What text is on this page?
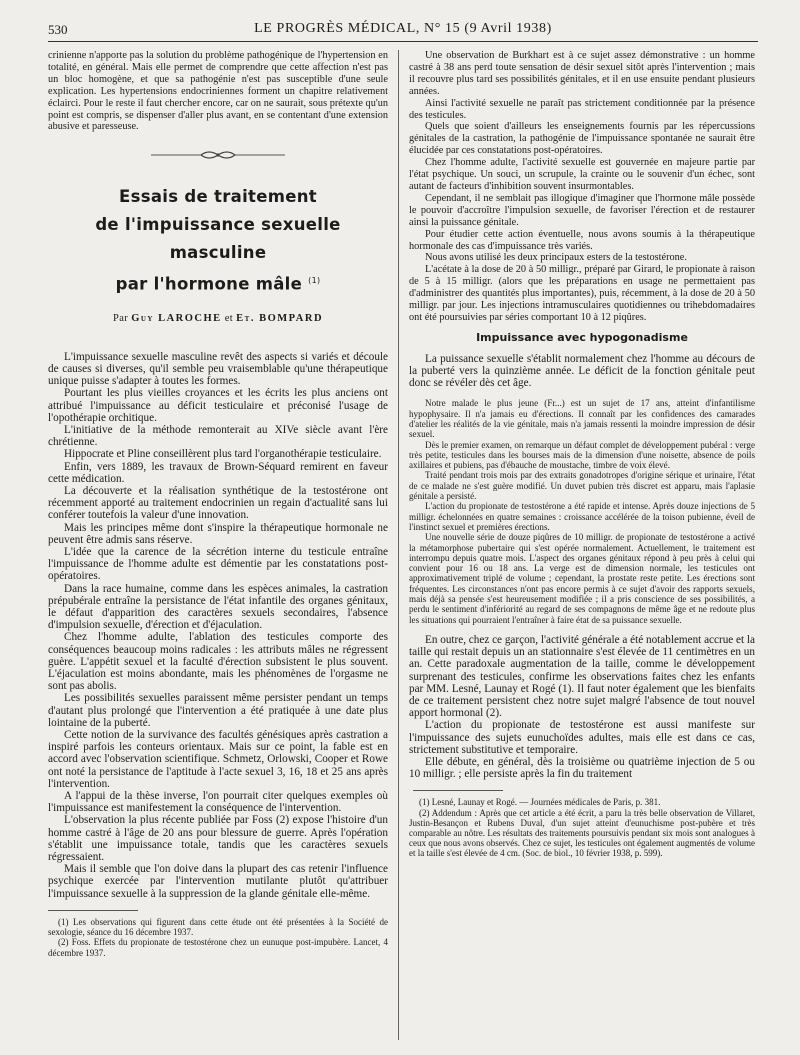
530	LE PROGRÈS MÉDICAL, N° 15 (9 Avril 1938)

crinienne n'apporte pas la solution du problème pathogénique de l'hypertension en totalité, en général. Mais elle permet de comprendre que cette affection n'est pas un bloc homogène, et que sa pathogénie n'est pas susceptible d'une seule explication. Les hypertensions endocriniennes forment un chapitre relativement éclairci. Pour le reste il faut chercher encore, car on ne saurait, sous prétexte qu'un point est compris, se dispenser d'aller plus avant, en se contentant d'une extension abusive et paresseuse.

Essais de traitement
de l'impuissance sexuelle masculine
par l'hormone mâle $^{(1)}$
Par Guy LAROCHE et Et. BOMPARD

L'impuissance sexuelle masculine revêt des aspects si variés et découle de causes si diverses, qu'il semble peu vraisemblable qu'une thérapeutique unique puisse s'adapter à toutes les formes.

Pourtant les plus vieilles croyances et les écrits les plus anciens ont attribué l'impuissance au déficit testiculaire et préconisé l'usage de l'opothérapie orchitique.

L'initiative de la méthode remonterait au XIVe siècle avant l'ère chrétienne.

Hippocrate et Pline conseillèrent plus tard l'organothérapie testiculaire.

Enfin, vers 1889, les travaux de Brown-Séquard remirent en faveur cette médication.

La découverte et la réalisation synthétique de la testostérone ont récemment apporté au traitement endocrinien un regain d'actualité sans lui conférer toutefois la valeur d'une innovation.

Mais les principes même dont s'inspire la thérapeutique hormonale ne peuvent être admis sans réserve.

L'idée que la carence de la sécrétion interne du testicule entraîne l'impuissance de l'homme adulte est démentie par les constatations post-opératoires.

Dans la race humaine, comme dans les espèces animales, la castration prépubérale entraîne la persistance de l'état infantile des organes génitaux, le défaut d'apparition des caractères sexuels secondaires, l'absence d'impulsion sexuelle, d'érection et d'éjaculation.

Chez l'homme adulte, l'ablation des testicules comporte des conséquences beaucoup moins radicales : les attributs mâles ne régressent guère. L'appétit sexuel et la faculté d'érection subsistent le plus souvent. L'éjaculation est moins abondante, mais les phénomènes de l'orgasme ne sont pas abolis.

Les possibilités sexuelles paraissent même persister pendant un temps d'autant plus prolongé que l'intervention a été pratiquée à une date plus lointaine de la puberté.

Cette notion de la survivance des facultés génésiques après castration a inspiré parfois les conteurs orientaux. Mais sur ce point, la fable est en accord avec l'observation scientifique. Schmetz, Orlowski, Cooper et Rowe ont noté la persistance de l'aptitude à l'acte sexuel 3, 16, 18 et 25 ans après l'intervention.

A l'appui de la thèse inverse, l'on pourrait citer quelques exemples où l'impuissance est manifestement la conséquence de l'intervention.

L'observation la plus récente publiée par Foss (2) expose l'histoire d'un homme castré à l'âge de 20 ans pour blessure de guerre. Après l'opération s'établit une impuissance totale, tandis que les caractères sexuels régressaient.

Mais il semble que l'on doive dans la plupart des cas retenir l'influence psychique exercée par l'intervention mutilante plutôt qu'attribuer l'impuissance sexuelle à la suppression de la glande génitale elle-même.

(1) Les observations qui figurent dans cette étude ont été présentées à la Société de sexologie, séance du 16 décembre 1937.

(2) Foss. Effets du propionate de testostérone chez un eunuque post-impubère. Lancet, 4 décembre 1937.

Une observation de Burkhart est à ce sujet assez démonstrative : un homme castré à 38 ans perd toute sensation de désir sexuel sitôt après l'intervention ; mais il recouvre plus tard ses possibilités génitales, et il en use ensuite pendant plusieurs années.

Ainsi l'activité sexuelle ne paraît pas strictement conditionnée par la présence des testicules.

Quels que soient d'ailleurs les enseignements fournis par les répercussions génitales de la castration, la pathogénie de l'impuissance spontanée ne saurait être élucidée par ces constatations post-opératoires.

Chez l'homme adulte, l'activité sexuelle est gouvernée en majeure partie par l'état psychique. Un souci, un scrupule, la crainte ou le souvenir d'un échec, sont autant de facteurs d'inhibition souvent insurmontables.

Cependant, il ne semblait pas illogique d'imaginer que l'hormone mâle possède le pouvoir d'accroître l'impulsion sexuelle, de favoriser l'érection et de restaurer ainsi la puissance génitale.

Pour étudier cette action éventuelle, nous avons soumis à la thérapeutique hormonale des cas d'impuissance très variés.

Nous avons utilisé les deux principaux esters de la testostérone.

L'acétate à la dose de 20 à 50 milligr., préparé par Girard, le propionate à raison de 5 à 15 milligr. (alors que les préparations en usage ne permettaient pas d'administrer des quantités plus importantes), puis, récemment, à la dose de 20 à 50 milligr. par jour. Les injections intramusculaires quotidiennes ou trihebdomadaires ont été poursuivies par séries comportant 10 à 12 piqûres.

Impuissance avec hypogonadisme

La puissance sexuelle s'établit normalement chez l'homme au décours de la puberté vers la quinzième année. Le déficit de la fonction génitale peut donc se révéler dès cet âge.

Notre malade le plus jeune (Fr...) est un sujet de 17 ans, atteint d'infantilisme hypophysaire. Il n'a jamais eu d'érections. Il connaît par les confidences des camarades d'atelier les réalités de la vie génitale, mais n'a jamais ressenti la moindre impression de désir sexuel.

Dès le premier examen, on remarque un défaut complet de développement pubéral : verge très petite, testicules dans les bourses mais de la dimension d'une noisette, absence de poils axillaires et pubiens, pas d'ébauche de moustache, timbre de voix élevé.

Traité pendant trois mois par des extraits gonadotropes d'origine sérique et urinaire, l'état de ce malade ne s'est guère modifié. Un duvet pubien très discret est apparu, mais l'aplasie génitale a persisté.

L'action du propionate de testostérone a été rapide et intense. Après douze injections de 5 milligr. échelonnées en quatre semaines : croissance accélérée de la toison pubienne, éveil de l'instinct sexuel et premières érections.

Une nouvelle série de douze piqûres de 10 milligr. de propionate de testostérone a activé la métamorphose pubertaire qui s'est opérée normalement. Actuellement, le traitement est interrompu depuis quatre mois. L'aspect des organes génitaux répond à peu près à celui qui convient pour 16 ou 18 ans. La verge est de dimension normale, les testicules ont approximativement triplé de volume ; cependant, la prostate reste petite. Les érections sont fréquentes. Les circonstances n'ont pas encore permis à ce sujet d'avoir des rapports sexuels, mais déjà sa pensée s'est heureusement modifiée ; il a pris conscience de ses possibilités, a perdu le sentiment d'infériorité au regard de ses compagnons de même âge et ne redoute plus les situations qui pourraient l'entraîner à faire état de sa puissance sexuelle.

En outre, chez ce garçon, l'activité générale a été notablement accrue et la taille qui restait depuis un an stationnaire s'est élevée de 11 centimètres en un an. Cette paradoxale augmentation de la taille, comme le développement surprenant des testicules, confirme les observations faites chez les enfants par MM. Lesné, Launay et Rogé (1). Il faut noter également que les bienfaits de ce traitement persistent chez notre sujet malgré l'absence de tout nouvel apport hormonal (2).

L'action du propionate de testostérone est aussi manifeste sur l'impuissance des sujets eunuchoïdes adultes, mais elle est dans ce cas, strictement substitutive et temporaire.

Elle débute, en général, dès la troisième ou quatrième injection de 5 ou 10 milligr. ; elle persiste après la fin du traitement

(1) Lesné, Launay et Rogé. — Journées médicales de Paris, p. 381.

(2) Addendum : Après que cet article a été écrit, a paru la très belle observation de Villaret, Justin-Besançon et Rubens Duval, d'un sujet atteint d'eunuchisme post-pubère et très comparable au nôtre. Les résultats des traitements poursuivis pendant six mois sont analogues à ceux que nous avons observés. Chez ce sujet, les testicules ont également augmentés de volume et la taille s'est élevée de 4 cm. (Soc. de biol., 10 février 1938, p. 599).
